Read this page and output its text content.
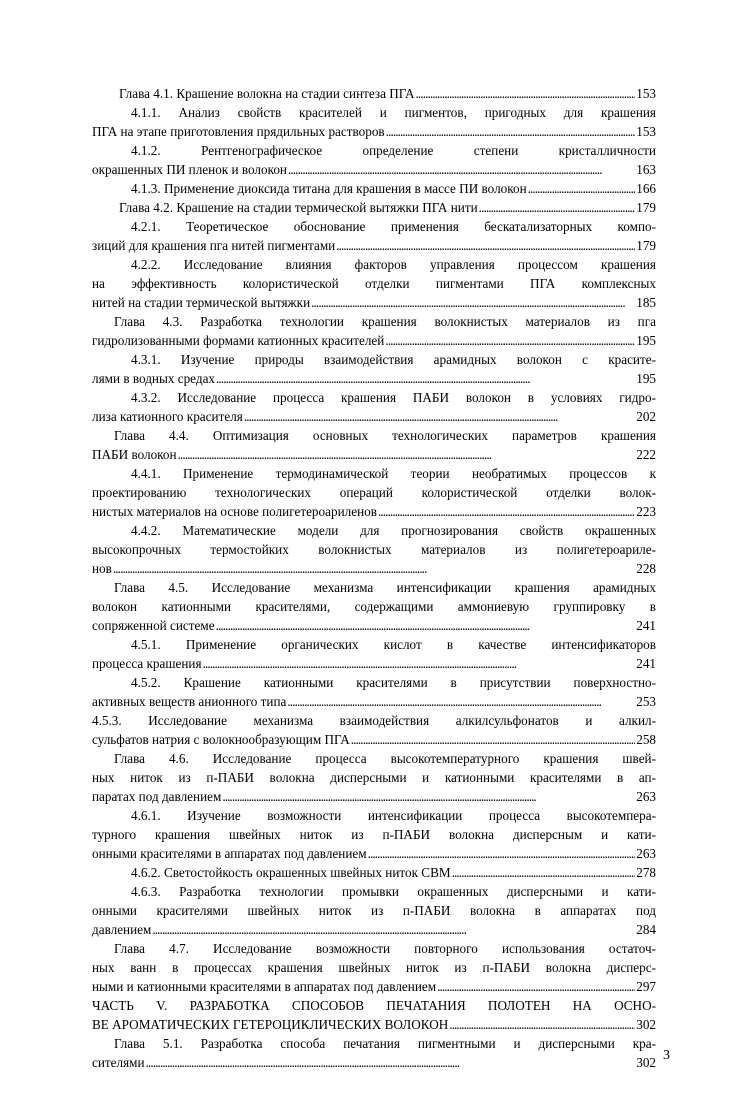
Глава 4.1. Крашение волокна на стадии синтеза ПГА . . .	153
4.1.1. Анализ свойств красителей и пигментов, пригодных для крашения
ПГА на этапе приготовления прядильных растворов . . .	153
4.1.2. Рентгенографическое определение степени кристалличности
окрашенных ПИ пленок и волокон . . .	163
4.1.3. Применение диоксида титана для крашения в массе ПИ волокон . . .	166
Глава 4.2. Крашение на стадии термической вытяжки ПГА нити . . .	179
4.2.1. Теоретическое обоснование применения бескатализаторных компо-
зиций для крашения пга нитей пигментами . . .	179
4.2.2. Исследование влияния факторов управления процессом крашения
на эффективность колористической отделки пигментами ПГА комплексных
нитей на стадии термической вытяжки . . .	185
Глава 4.3. Разработка технологии крашения волокнистых материалов из пга
гидролизованными формами катионных красителей . . .	195
4.3.1. Изучение природы взаимодействия арамидных волокон с красите-
лями в водных средах . . .	195
4.3.2. Исследование процесса крашения ПАБИ волокон в условиях гидро-
лиза катионного красителя . . .	202
Глава 4.4. Оптимизация основных технологических параметров крашения
ПАБИ волокон . . .	222
4.4.1. Применение термодинамической теории необратимых процессов к
проектированию технологических операций колористической отделки волок-
нистых материалов на основе полигетероариленов . . .	223
4.4.2. Математические модели для прогнозирования свойств окрашенных
высокопрочных термостойких волокнистых материалов из полигетероариле-
нов . . .	228
Глава 4.5. Исследование механизма интенсификации крашения арамидных
волокон катионными красителями, содержащими аммониевую группировку в
сопряженной системе . . .	241
4.5.1. Применение органических кислот в качестве интенсификаторов
процесса крашения . . .	241
4.5.2. Крашение катионными красителями в присутствии поверхностно-
активных веществ анионного типа . . .	253
4.5.3. Исследование механизма взаимодействия алкилсульфонатов и алкил-
сульфатов натрия с волокнообразующим ПГА . . .	258
Глава 4.6. Исследование процесса высокотемпературного крашения швей-
ных ниток из п-ПАБИ волокна дисперсными и катионными красителями в ап-
паратах под давлением . . .	263
4.6.1. Изучение возможности интенсификации процесса высокотемпера-
турного крашения швейных ниток из п-ПАБИ волокна дисперсным и кати-
онными красителями в аппаратах под давлением . . .	263
4.6.2. Светостойкость окрашенных швейных ниток СВМ . . .	278
4.6.3. Разработка технологии промывки окрашенных дисперсными и кати-
онными красителями швейных ниток из п-ПАБИ волокна в аппаратах под
давлением . . .	284
Глава 4.7. Исследование возможности повторного использования остаточ-
ных ванн в процессах крашения швейных ниток из п-ПАБИ волокна дисперс-
ными и катионными красителями в аппаратах под давлением . . .	297
ЧАСТЬ V. РАЗРАБОТКА СПОСОБОВ ПЕЧАТАНИЯ ПОЛОТЕН НА ОСНО-
ВЕ АРОМАТИЧЕСКИХ ГЕТЕРОЦИКЛИЧЕСКИХ ВОЛОКОН . . .	302
Глава 5.1. Разработка способа печатания пигментными и дисперсными кра-
сителями . . .	302 3
